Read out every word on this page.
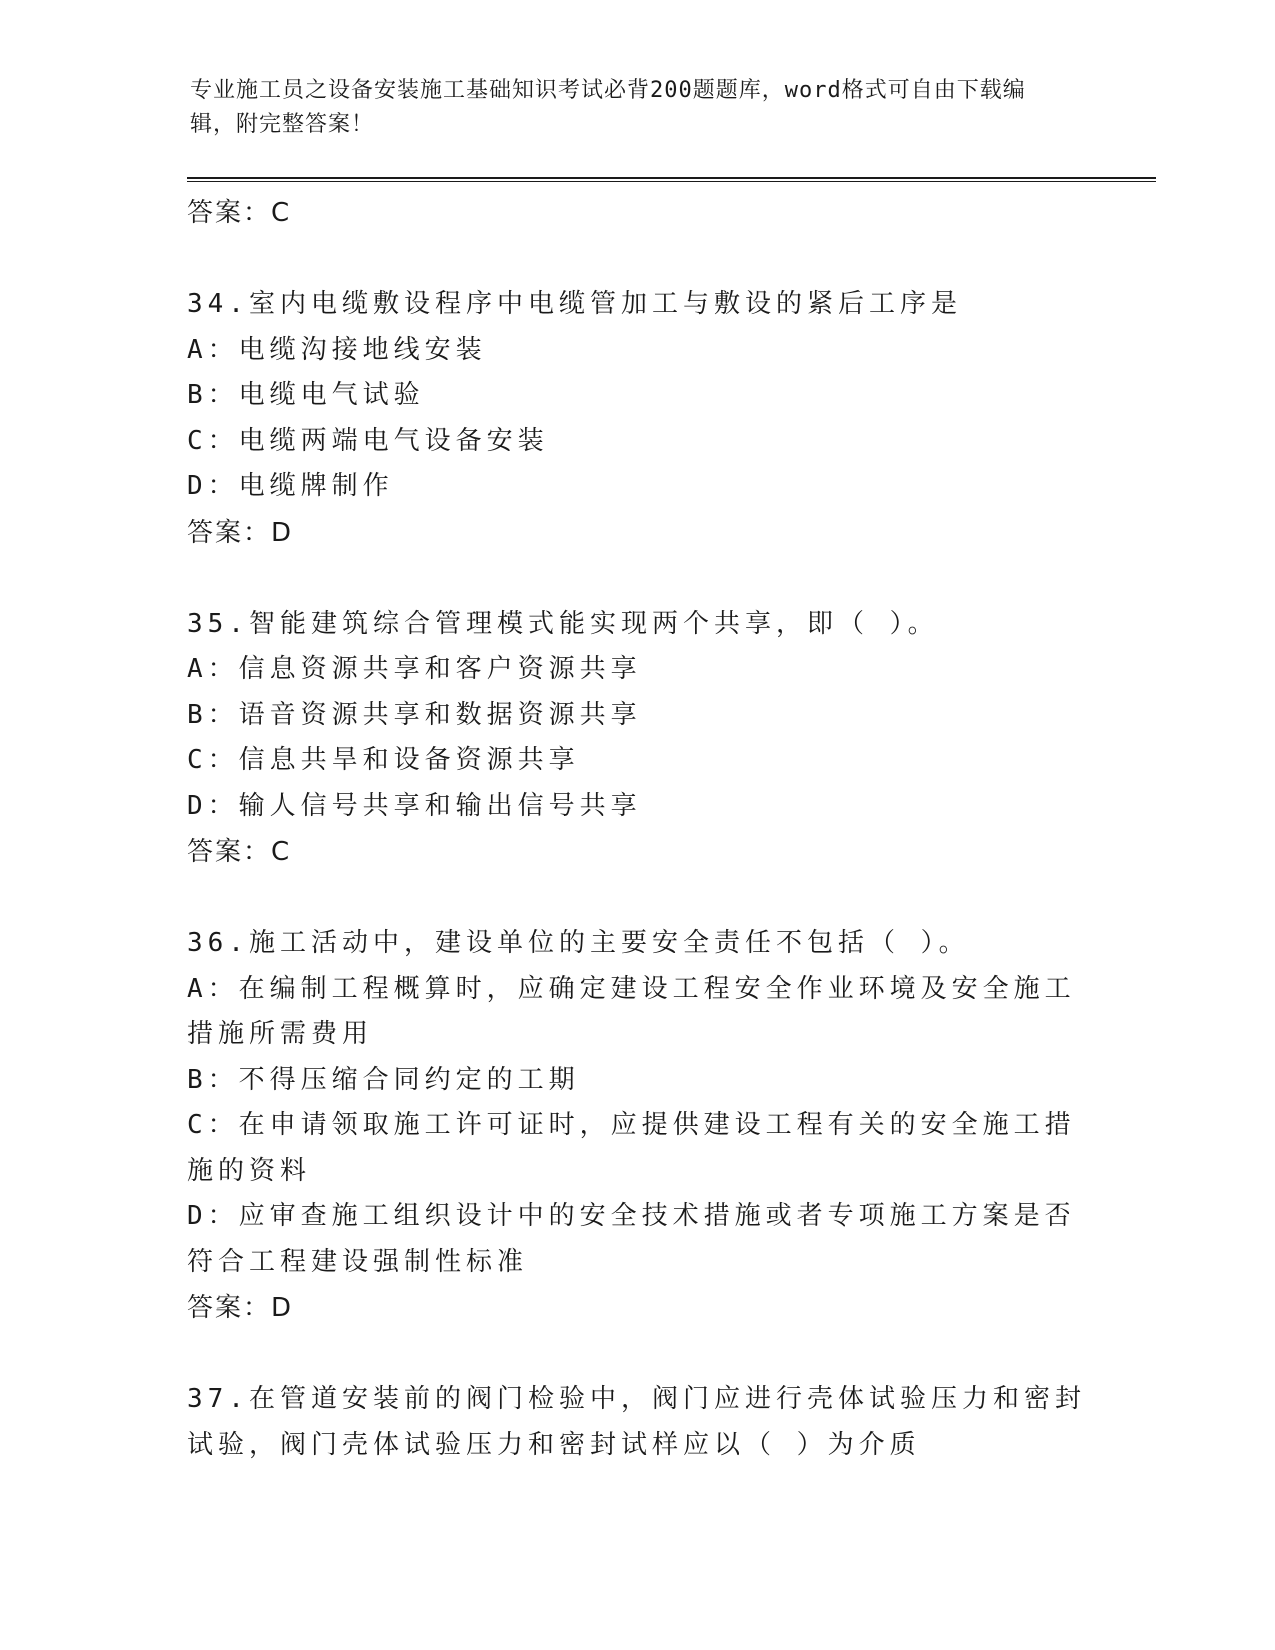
专业施工员之设备安装施工基础知识考试必背200题题库，word格式可自由下载编辑，附完整答案！
答案：C
34.室内电缆敷设程序中电缆管加工与敷设的紧后工序是
A：电缆沟接地线安装
B：电缆电气试验
C：电缆两端电气设备安装
D：电缆牌制作
答案：D
35.智能建筑综合管理模式能实现两个共享，即（ ）。
A：信息资源共享和客户资源共享
B：语音资源共享和数据资源共享
C：信息共旱和设备资源共享
D：输人信号共享和输出信号共享
答案：C
36.施工活动中，建设单位的主要安全责任不包括（ ）。
A：在编制工程概算时，应确定建设工程安全作业环境及安全施工措施所需费用
B：不得压缩合同约定的工期
C：在申请领取施工许可证时，应提供建设工程有关的安全施工措施的资料
D：应审查施工组织设计中的安全技术措施或者专项施工方案是否符合工程建设强制性标准
答案：D
37.在管道安装前的阀门检验中，阀门应进行壳体试验压力和密封试验，阀门壳体试验压力和密封试样应以（ ）为介质
